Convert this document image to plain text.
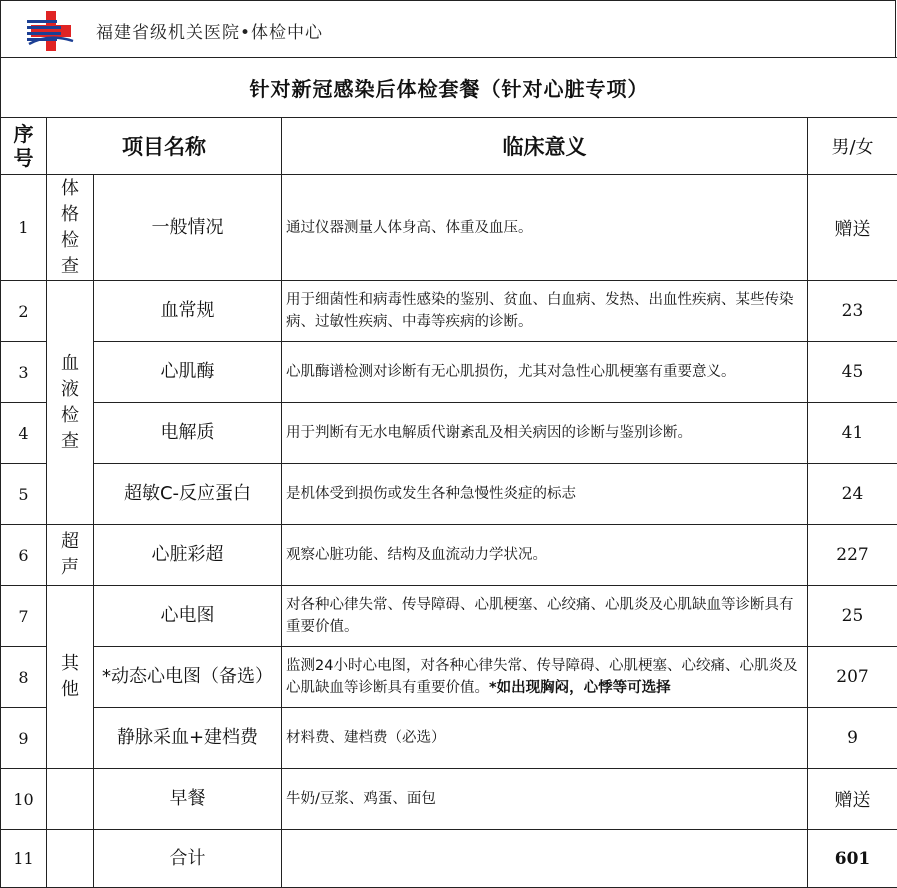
福建省级机关医院•体检中心
针对新冠感染后体检套餐（针对心脏专项）				
序号	项目名称		临床意义	男/女
1	体格检查	一般情况	通过仪器测量人体身高、体重及血压。	赠送
2	血液检查	血常规	用于细菌性和病毒性感染的鉴别、贫血、白血病、发热、出血性疾病、某些传染病、过敏性疾病、中毒等疾病的诊断。	23
3		心肌酶	心肌酶谱检测对诊断有无心肌损伤，尤其对急性心肌梗塞有重要意义。	45
4		电解质	用于判断有无水电解质代谢紊乱及相关病因的诊断与鉴别诊断。	41
5		超敏C-反应蛋白	是机体受到损伤或发生各种急慢性炎症的标志	24
6	超声	心脏彩超	观察心脏功能、结构及血流动力学状况。	227
7	其他	心电图	对各种心律失常、传导障碍、心肌梗塞、心绞痛、心肌炎及心肌缺血等诊断具有重要价值。	25
8		*动态心电图（备选）	监测24小时心电图，对各种心律失常、传导障碍、心肌梗塞、心绞痛、心肌炎及心肌缺血等诊断具有重要价值。*如出现胸闷，心悸等可选择	207
9		静脉采血+建档费	材料费、建档费（必选）	9
10		早餐	牛奶/豆浆、鸡蛋、面包	赠送
11		合计		601
